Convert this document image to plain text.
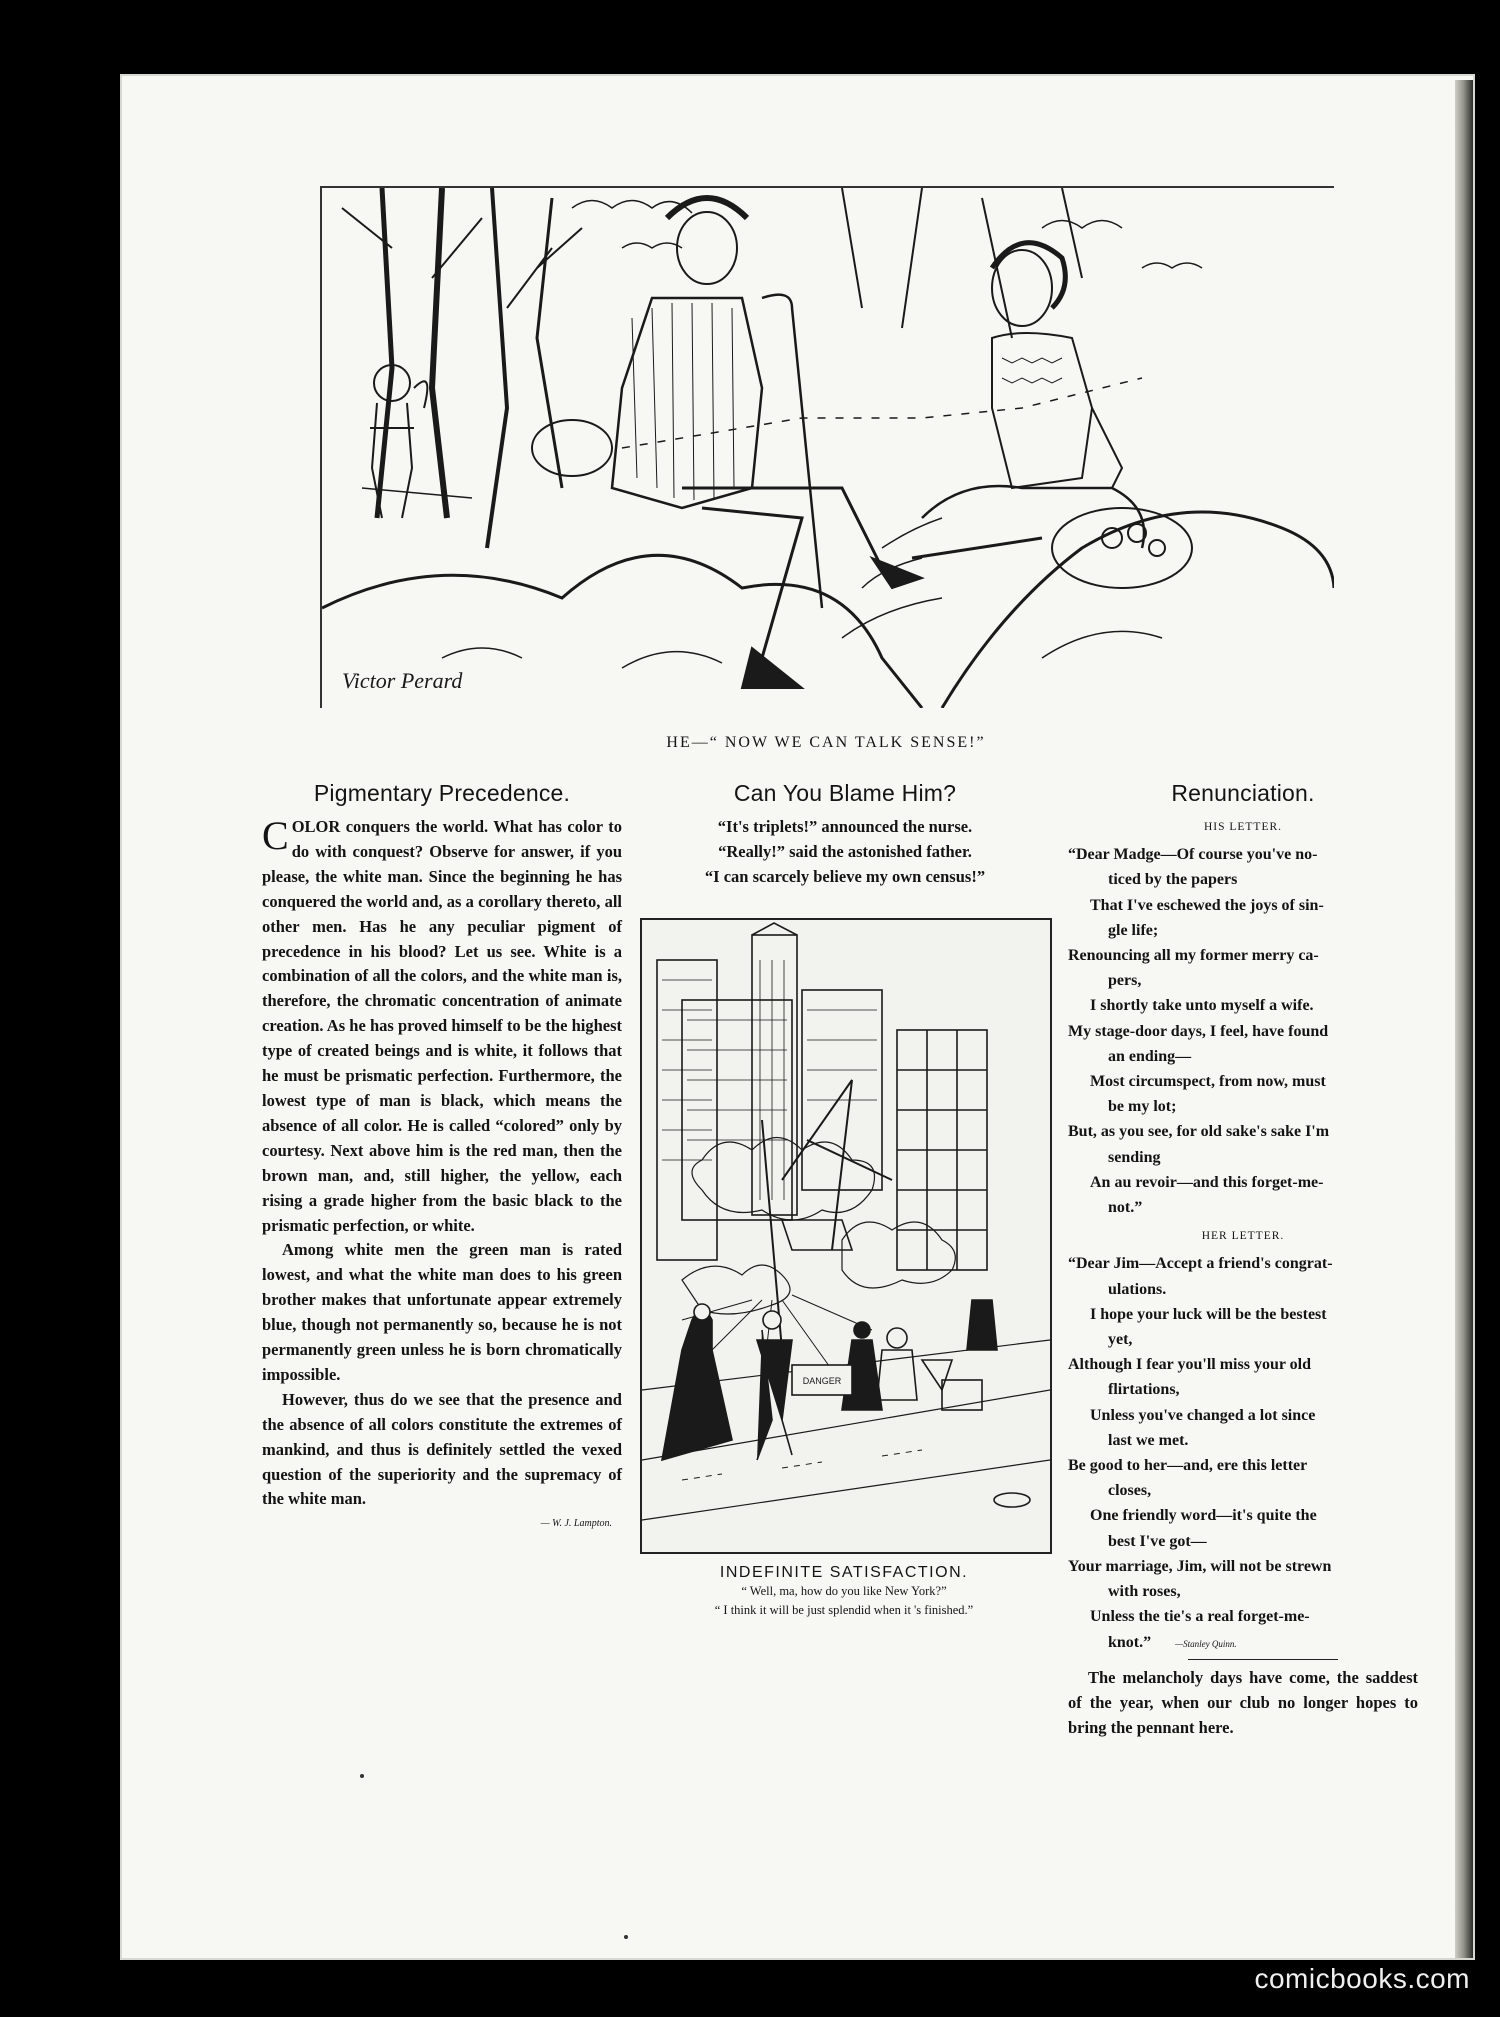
Victor Perard
HE—“ NOW WE CAN TALK SENSE!”
Pigmentary Precedence.

COLOR conquers the world. What has color to do with conquest? Observe for answer, if you please, the white man. Since the beginning he has conquered the world and, as a corollary thereto, all other men. Has he any peculiar pigment of precedence in his blood? Let us see. White is a combination of all the colors, and the white man is, therefore, the chromatic concentration of animate creation. As he has proved himself to be the highest type of created beings and is white, it follows that he must be prismatic perfection. Furthermore, the lowest type of man is black, which means the absence of all color. He is called “colored” only by courtesy. Next above him is the red man, then the brown man, and, still higher, the yellow, each rising a grade higher from the basic black to the prismatic perfection, or white.

Among white men the green man is rated lowest, and what the white man does to his green brother makes that unfortunate appear extremely blue, though not permanently so, because he is not permanently green unless he is born chromatically impossible.

However, thus do we see that the presence and the absence of all colors constitute the extremes of mankind, and thus is definitely settled the vexed question of the superiority and the supremacy of the white man.

— W. J. Lampton.
Can You Blame Him?
“It's triplets!” announced the nurse.
“Really!” said the astonished father.
“I can scarcely believe my own census!”
DANGER
INDEFINITE SATISFACTION.
“ Well, ma, how do you like New York?”
“ I think it will be just splendid when it 's finished.”
Renunciation.
HIS LETTER.
“Dear Madge—Of course you've no-
ticed by the papers
That I've eschewed the joys of sin-
gle life;
Renouncing all my former merry ca-
pers,
I shortly take unto myself a wife.
My stage-door days, I feel, have found
an ending—
Most circumspect, from now, must
be my lot;
But, as you see, for old sake's sake I'm
sending
An au revoir—and this forget-me-
not.”
HER LETTER.
“Dear Jim—Accept a friend's congrat-
ulations.
I hope your luck will be the bestest
yet,
Although I fear you'll miss your old
flirtations,
Unless you've changed a lot since
last we met.
Be good to her—and, ere this letter
closes,
One friendly word—it's quite the
best I've got—
Your marriage, Jim, will not be strewn
with roses,
Unless the tie's a real forget-me-
knot.”	—Stanley Quinn.

The melancholy days have come, the saddest of the year, when our club no longer hopes to bring the pennant here.

comicbooks.com
